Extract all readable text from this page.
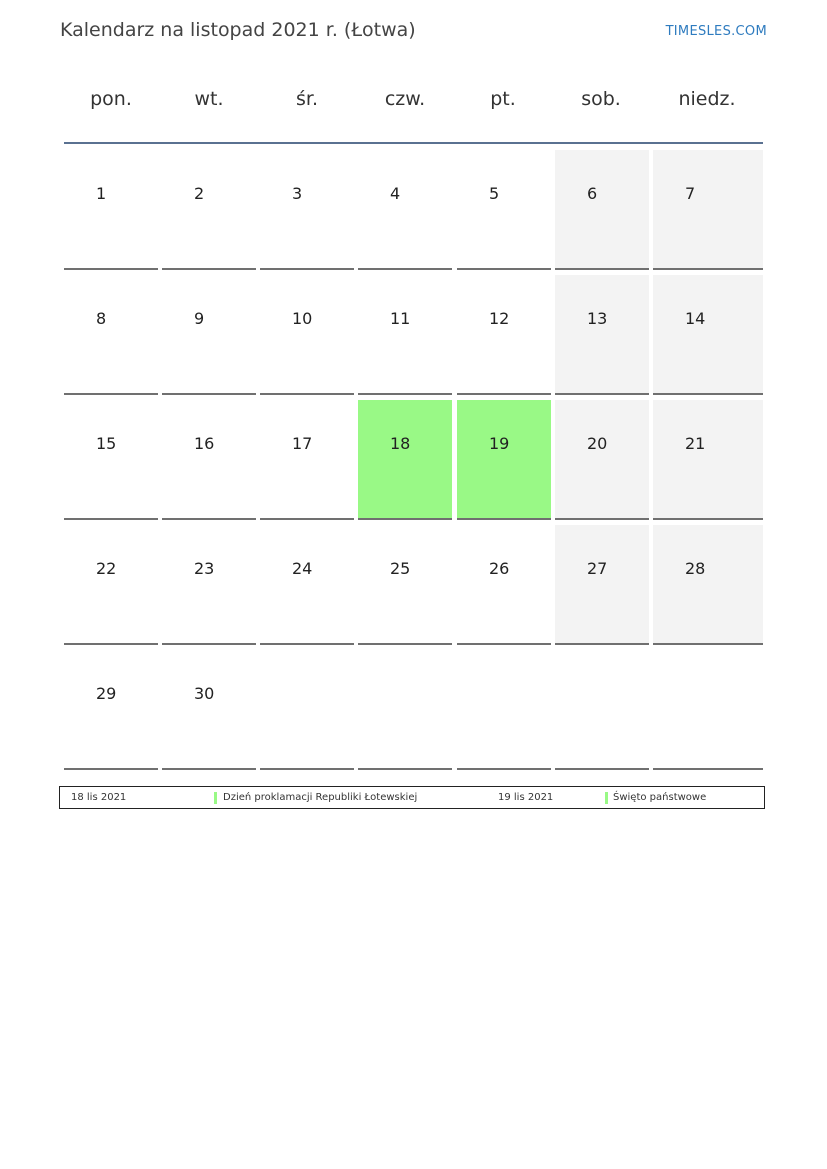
Kalendarz na listopad 2021 r. (Łotwa)	TIMESLES.COM
pon.	wt.	śr.	czw.	pt.	sob.	niedz.
1	2	3	4	5	6	7
8	9	10	11	12	13	14
15	16	17	18	19	20	21
22	23	24	25	26	27	28
29	30
18 lis 2021	Dzień proklamacji Republiki Łotewskiej	19 lis 2021	Święto państwowe
